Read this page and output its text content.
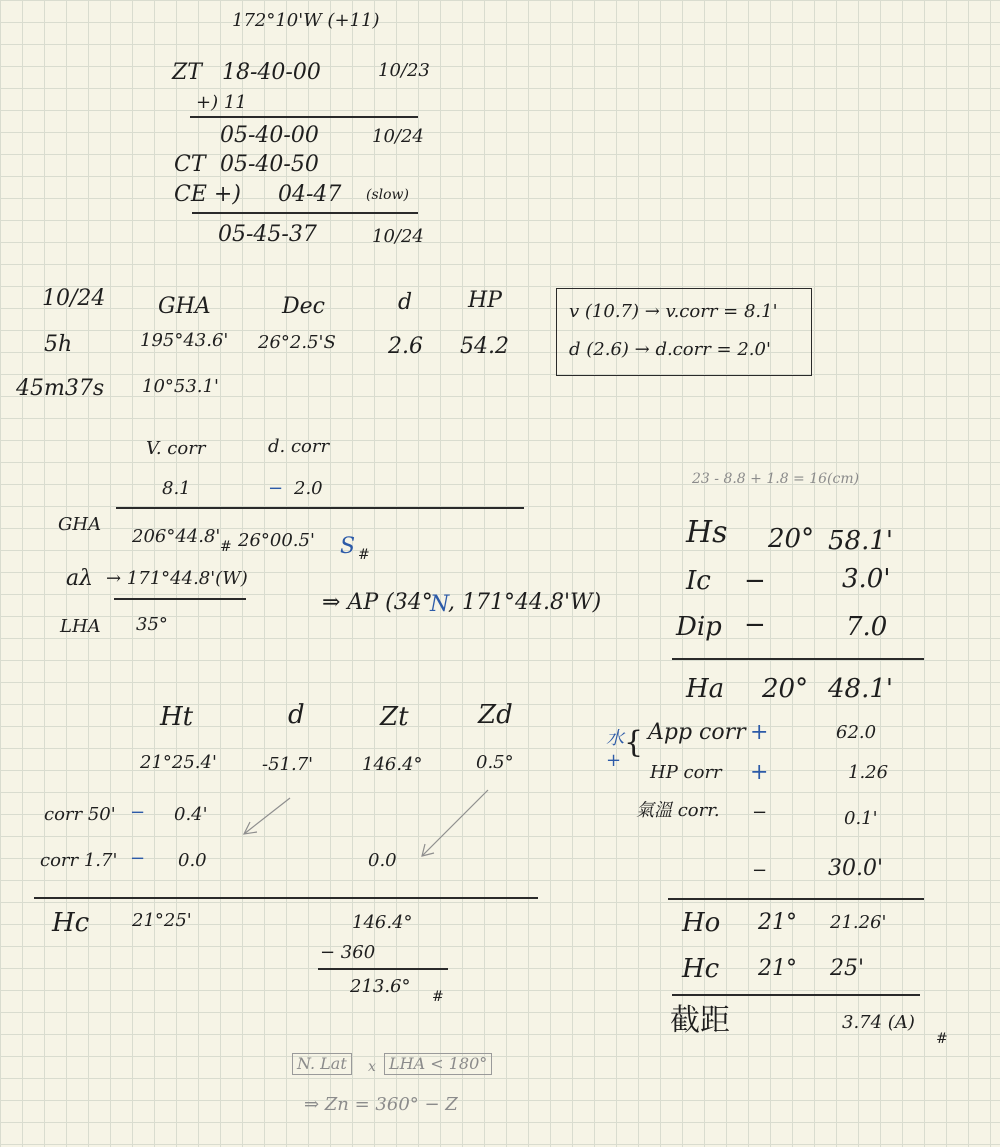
172°10'W (+11)
ZT 18-40-00	10/23
+) 11
05-40-00	10/24
CT 05-40-50
CE +) 04-47 (slow)
05-45-37	10/24
10/24 GHA	Dec	d	HP
5h	195°43.6' 26°2.5'S 2.6 54.2
45m37s 10°53.1'
v (10.7) → v.corr = 8.1'
d (2.6) → d.corr = 2.0'
V. corr	d. corr
8.1	− 2.0
GHA
206°44.8' # 26°00.5' S #
aλ → 171°44.8'(W)
LHA 35°
⇒ AP (34°
N
, 171°44.8'W)
23 - 8.8 + 1.8 = 16(cm)
Hs 20° 58.1'
Ic −	3.0'
Dip −	7.0
Ha 20° 48.1'
水 +
{ App corr +	62.0
HP corr +	1.26
氣溫 corr. −	0.1'
−	30.0'
Ho 21° 21.26'
Hc 21° 25'
截距	3.74 (A)
#
Ht	d	Zt	Zd
21°25.4'	-51.7'	146.4°	0.5°
corr 50' − 0.4'
corr 1.7' − 0.0	0.0
Hc 21°25'	146.4°
− 360
213.6° #
N. Lat	x LHA < 180°
⇒ Zn = 360° − Z
